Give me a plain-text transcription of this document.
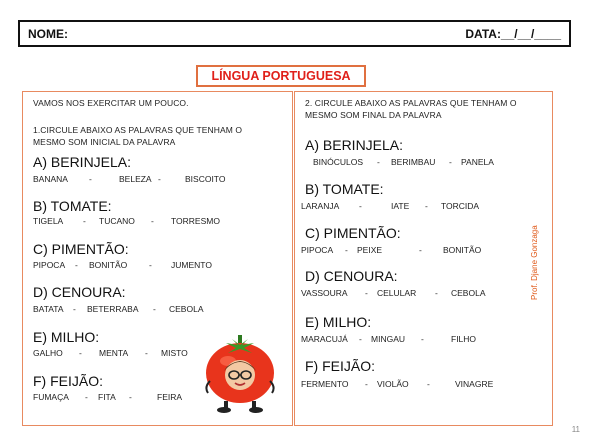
NOME:	DATA:__/__/____
LÍNGUA PORTUGUESA
VAMOS NOS EXERCITAR UM POUCO.
1.CIRCULE ABAIXO AS PALAVRAS QUE TENHAM O
MESMO SOM INICIAL DA PALAVRA
A) BERINJELA:
BANANA -	BELEZA -	BISCOITO
B) TOMATE:
TIGELA - TUCANO - TORRESMO
C) PIMENTÃO:
PIPOCA - BONITÃO	- JUMENTO
D) CENOURA:
BATATA - BETERRABA - CEBOLA
E) MILHO:
GALHO - MENTA - MISTO
F) FEIJÃO:
FUMAÇA - FITA -	FEIRA
2. CIRCULE ABAIXO AS PALAVRAS QUE TENHAM O
MESMO SOM FINAL DA PALAVRA
A) BERINJELA:
BINÓCULOS - BERIMBAU - PANELA
B) TOMATE:
LARANJA -	IATE - TORCIDA
C) PIMENTÃO:
PIPOCA - PEIXE	- BONITÃO
D) CENOURA:
VASSOURA - CELULAR - CEBOLA
E) MILHO:
MARACUJÁ - MINGAU -	FILHO
F) FEIJÃO:
FERMENTO - VIOLÃO -	VINAGRE
Prof. Djane Gonzaga
11
